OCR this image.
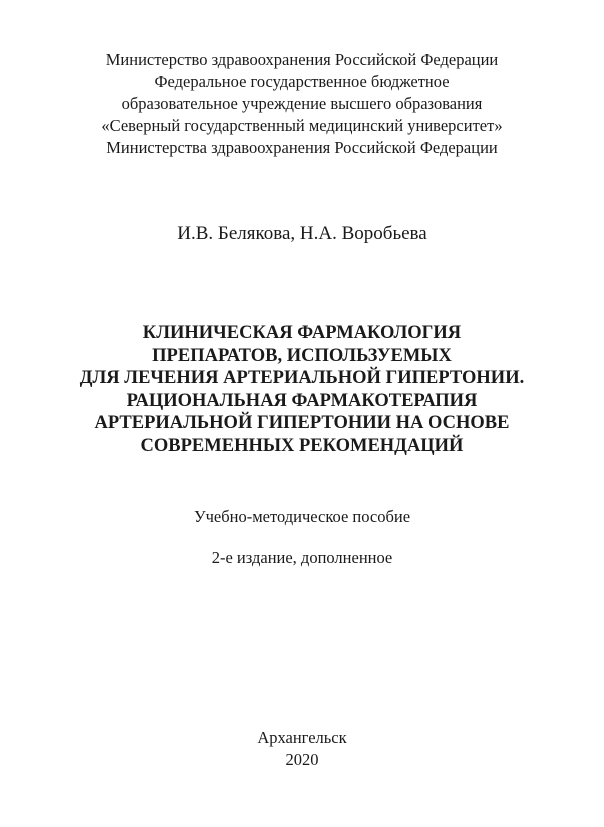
Министерство здравоохранения Российской Федерации
Федеральное государственное бюджетное
образовательное учреждение высшего образования
«Северный государственный медицинский университет»
Министерства здравоохранения Российской Федерации
И.В. Белякова, Н.А. Воробьева
КЛИНИЧЕСКАЯ ФАРМАКОЛОГИЯ
ПРЕПАРАТОВ, ИСПОЛЬЗУЕМЫХ
ДЛЯ ЛЕЧЕНИЯ АРТЕРИАЛЬНОЙ ГИПЕРТОНИИ.
РАЦИОНАЛЬНАЯ ФАРМАКОТЕРАПИЯ
АРТЕРИАЛЬНОЙ ГИПЕРТОНИИ НА ОСНОВЕ
СОВРЕМЕННЫХ РЕКОМЕНДАЦИЙ
Учебно-методическое пособие
2-е издание, дополненное
Архангельск
2020
